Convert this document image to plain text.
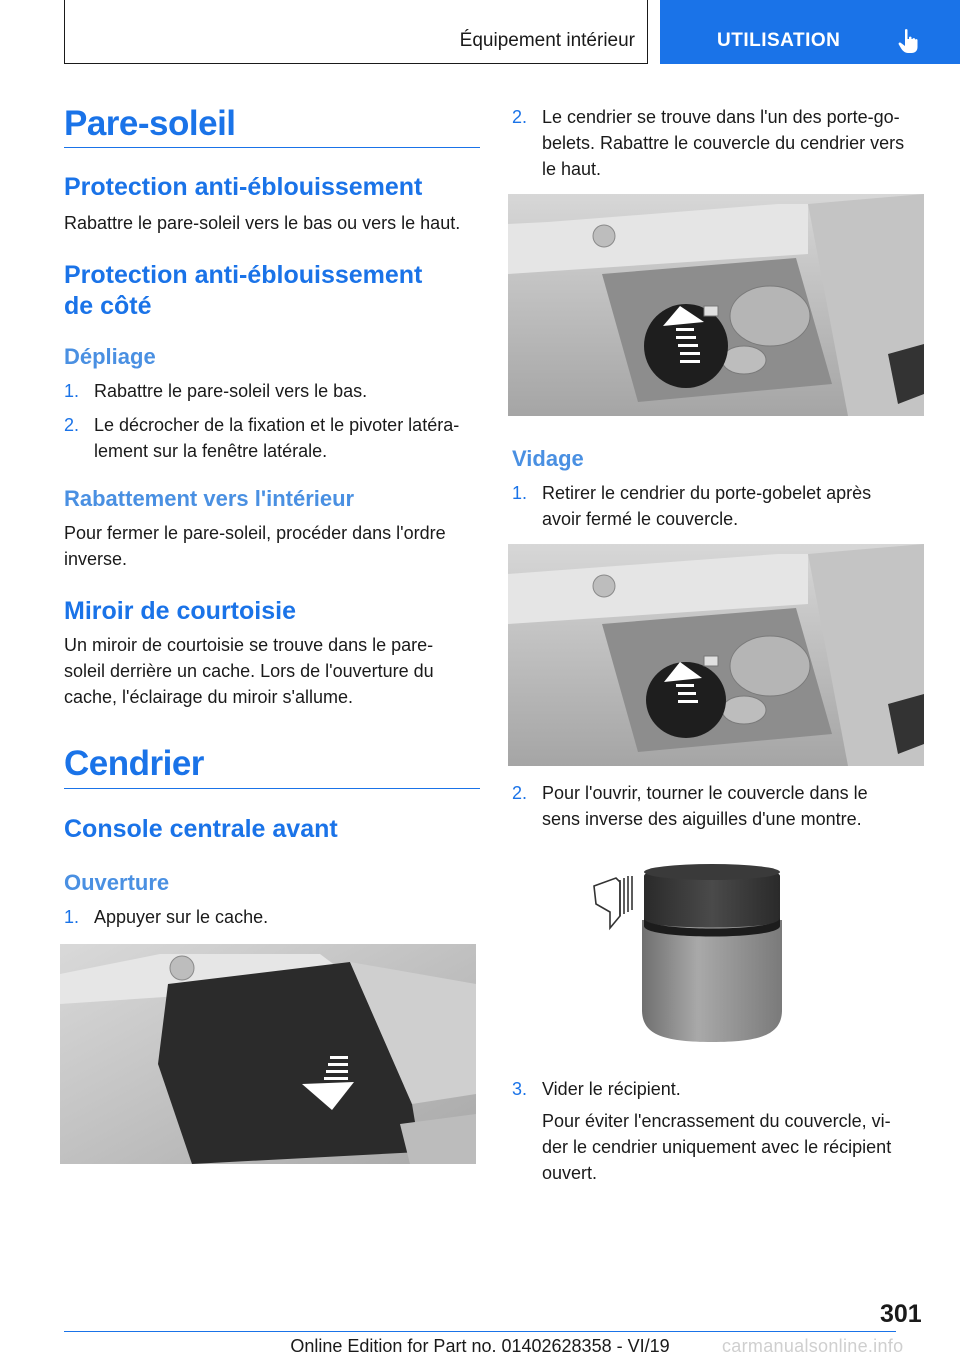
Équipement intérieur	UTILISATION
Pare-soleil
Protection anti-éblouissement
Rabattre le pare-soleil vers le bas ou vers le haut.
Protection anti-éblouissement
de côté
Dépliage
1. Rabattre le pare-soleil vers le bas.
2. Le décrocher de la fixation et le pivoter latéra-
lement sur la fenêtre latérale.
Rabattement vers l'intérieur
Pour fermer le pare-soleil, procéder dans l'ordre
inverse.
Miroir de courtoisie
Un miroir de courtoisie se trouve dans le pare-
soleil derrière un cache. Lors de l'ouverture du
cache, l'éclairage du miroir s'allume.
Cendrier
Console centrale avant
Ouverture
1. Appuyer sur le cache.
2. Le cendrier se trouve dans l'un des porte-go-
belets. Rabattre le couvercle du cendrier vers
le haut.
Vidage
1. Retirer le cendrier du porte-gobelet après
avoir fermé le couvercle.
2. Pour l'ouvrir, tourner le couvercle dans le
sens inverse des aiguilles d'une montre.
3. Vider le récipient.
Pour éviter l'encrassement du couvercle, vi-
der le cendrier uniquement avec le récipient
ouvert.
301
Online Edition for Part no. 01402628358 - VI/19	carmanualsonline.info
